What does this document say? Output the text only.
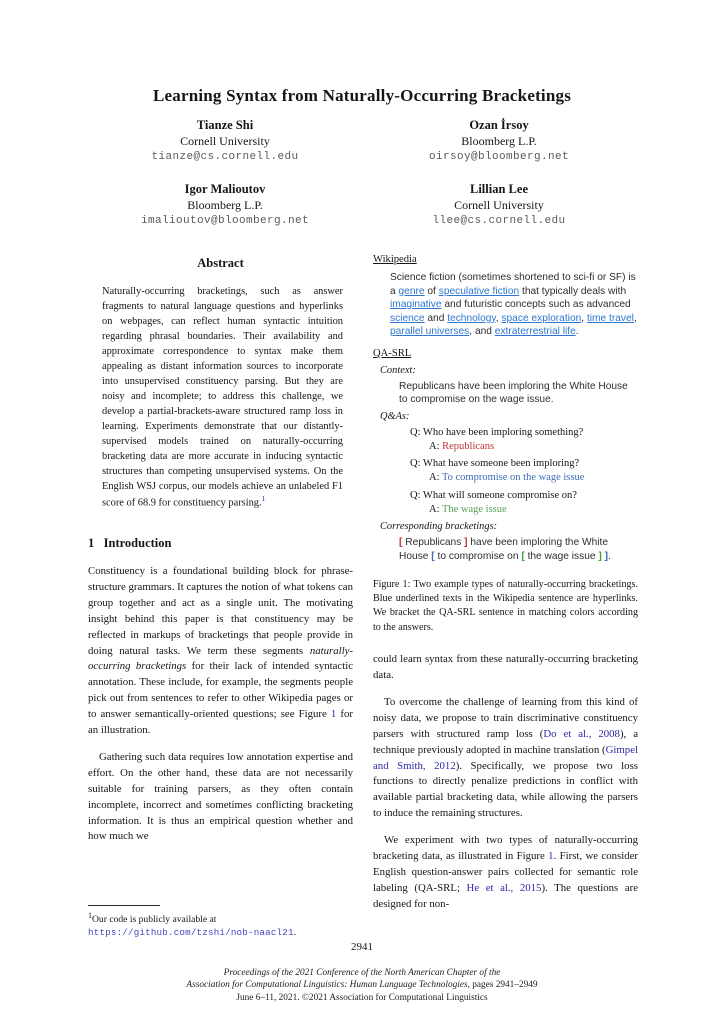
Learning Syntax from Naturally-Occurring Bracketings
Tianze Shi
Cornell University
tianze@cs.cornell.edu
Ozan İrsoy
Bloomberg L.P.
oirsoy@bloomberg.net
Igor Malioutov
Bloomberg L.P.
imalioutov@bloomberg.net
Lillian Lee
Cornell University
llee@cs.cornell.edu
Abstract
Naturally-occurring bracketings, such as answer fragments to natural language questions and hyperlinks on webpages, can reflect human syntactic intuition regarding phrasal boundaries. Their availability and approximate correspondence to syntax make them appealing as distant information sources to incorporate into unsupervised constituency parsing. But they are noisy and incomplete; to address this challenge, we develop a partial-brackets-aware structured ramp loss in learning. Experiments demonstrate that our distantly-supervised models trained on naturally-occurring bracketing data are more accurate in inducing syntactic structures than competing unsupervised systems. On the English WSJ corpus, our models achieve an unlabeled F1 score of 68.9 for constituency parsing.$^1$
1   Introduction

Constituency is a foundational building block for phrase-structure grammars. It captures the notion of what tokens can group together and act as a single unit. The motivating insight behind this paper is that constituency may be reflected in markups of bracketings that people provide in doing natural tasks. We term these segments naturally-occurring bracketings for their lack of intended syntactic annotation. These include, for example, the segments people pick out from sentences to refer to other Wikipedia pages or to answer semantically-oriented questions; see Figure 1 for an illustration.

Gathering such data requires low annotation expertise and effort. On the other hand, these data are not necessarily suitable for training parsers, as they often contain incomplete, incorrect and sometimes conflicting bracketing information. It is thus an empirical question whether and how much we

Wikipedia
Science fiction (sometimes shortened to sci-fi or SF) is a genre of speculative fiction that typically deals with imaginative and futuristic concepts such as advanced science and technology, space exploration, time travel, parallel universes, and extraterrestrial life.
QA-SRL
Context:
Republicans have been imploring the White House to compromise on the wage issue.
Q&As:
Q: Who have been imploring something?
A: Republicans
Q: What have someone been imploring?
A: To compromise on the wage issue
Q: What will someone compromise on?
A: The wage issue
Corresponding bracketings:
[ Republicans ] have been imploring the White House [ to compromise on [ the wage issue ] ].
Figure 1: Two example types of naturally-occurring bracketings. Blue underlined texts in the Wikipedia sentence are hyperlinks. We bracket the QA-SRL sentence in matching colors according to the answers.

could learn syntax from these naturally-occurring bracketing data.

To overcome the challenge of learning from this kind of noisy data, we propose to train discriminative constituency parsers with structured ramp loss (Do et al., 2008), a technique previously adopted in machine translation (Gimpel and Smith, 2012). Specifically, we propose two loss functions to directly penalize predictions in conflict with available partial bracketing data, while allowing the parsers to induce the remaining structures.

We experiment with two types of naturally-occurring bracketing data, as illustrated in Figure 1. First, we consider English question-answer pairs collected for semantic role labeling (QA-SRL; He et al., 2015). The questions are designed for non-

$^1$Our code is publicly available at https://github.com/tzshi/nob-naacl21.
2941
Proceedings of the 2021 Conference of the North American Chapter of the
Association for Computational Linguistics: Human Language Technologies, pages 2941–2949
June 6–11, 2021. ©2021 Association for Computational Linguistics
